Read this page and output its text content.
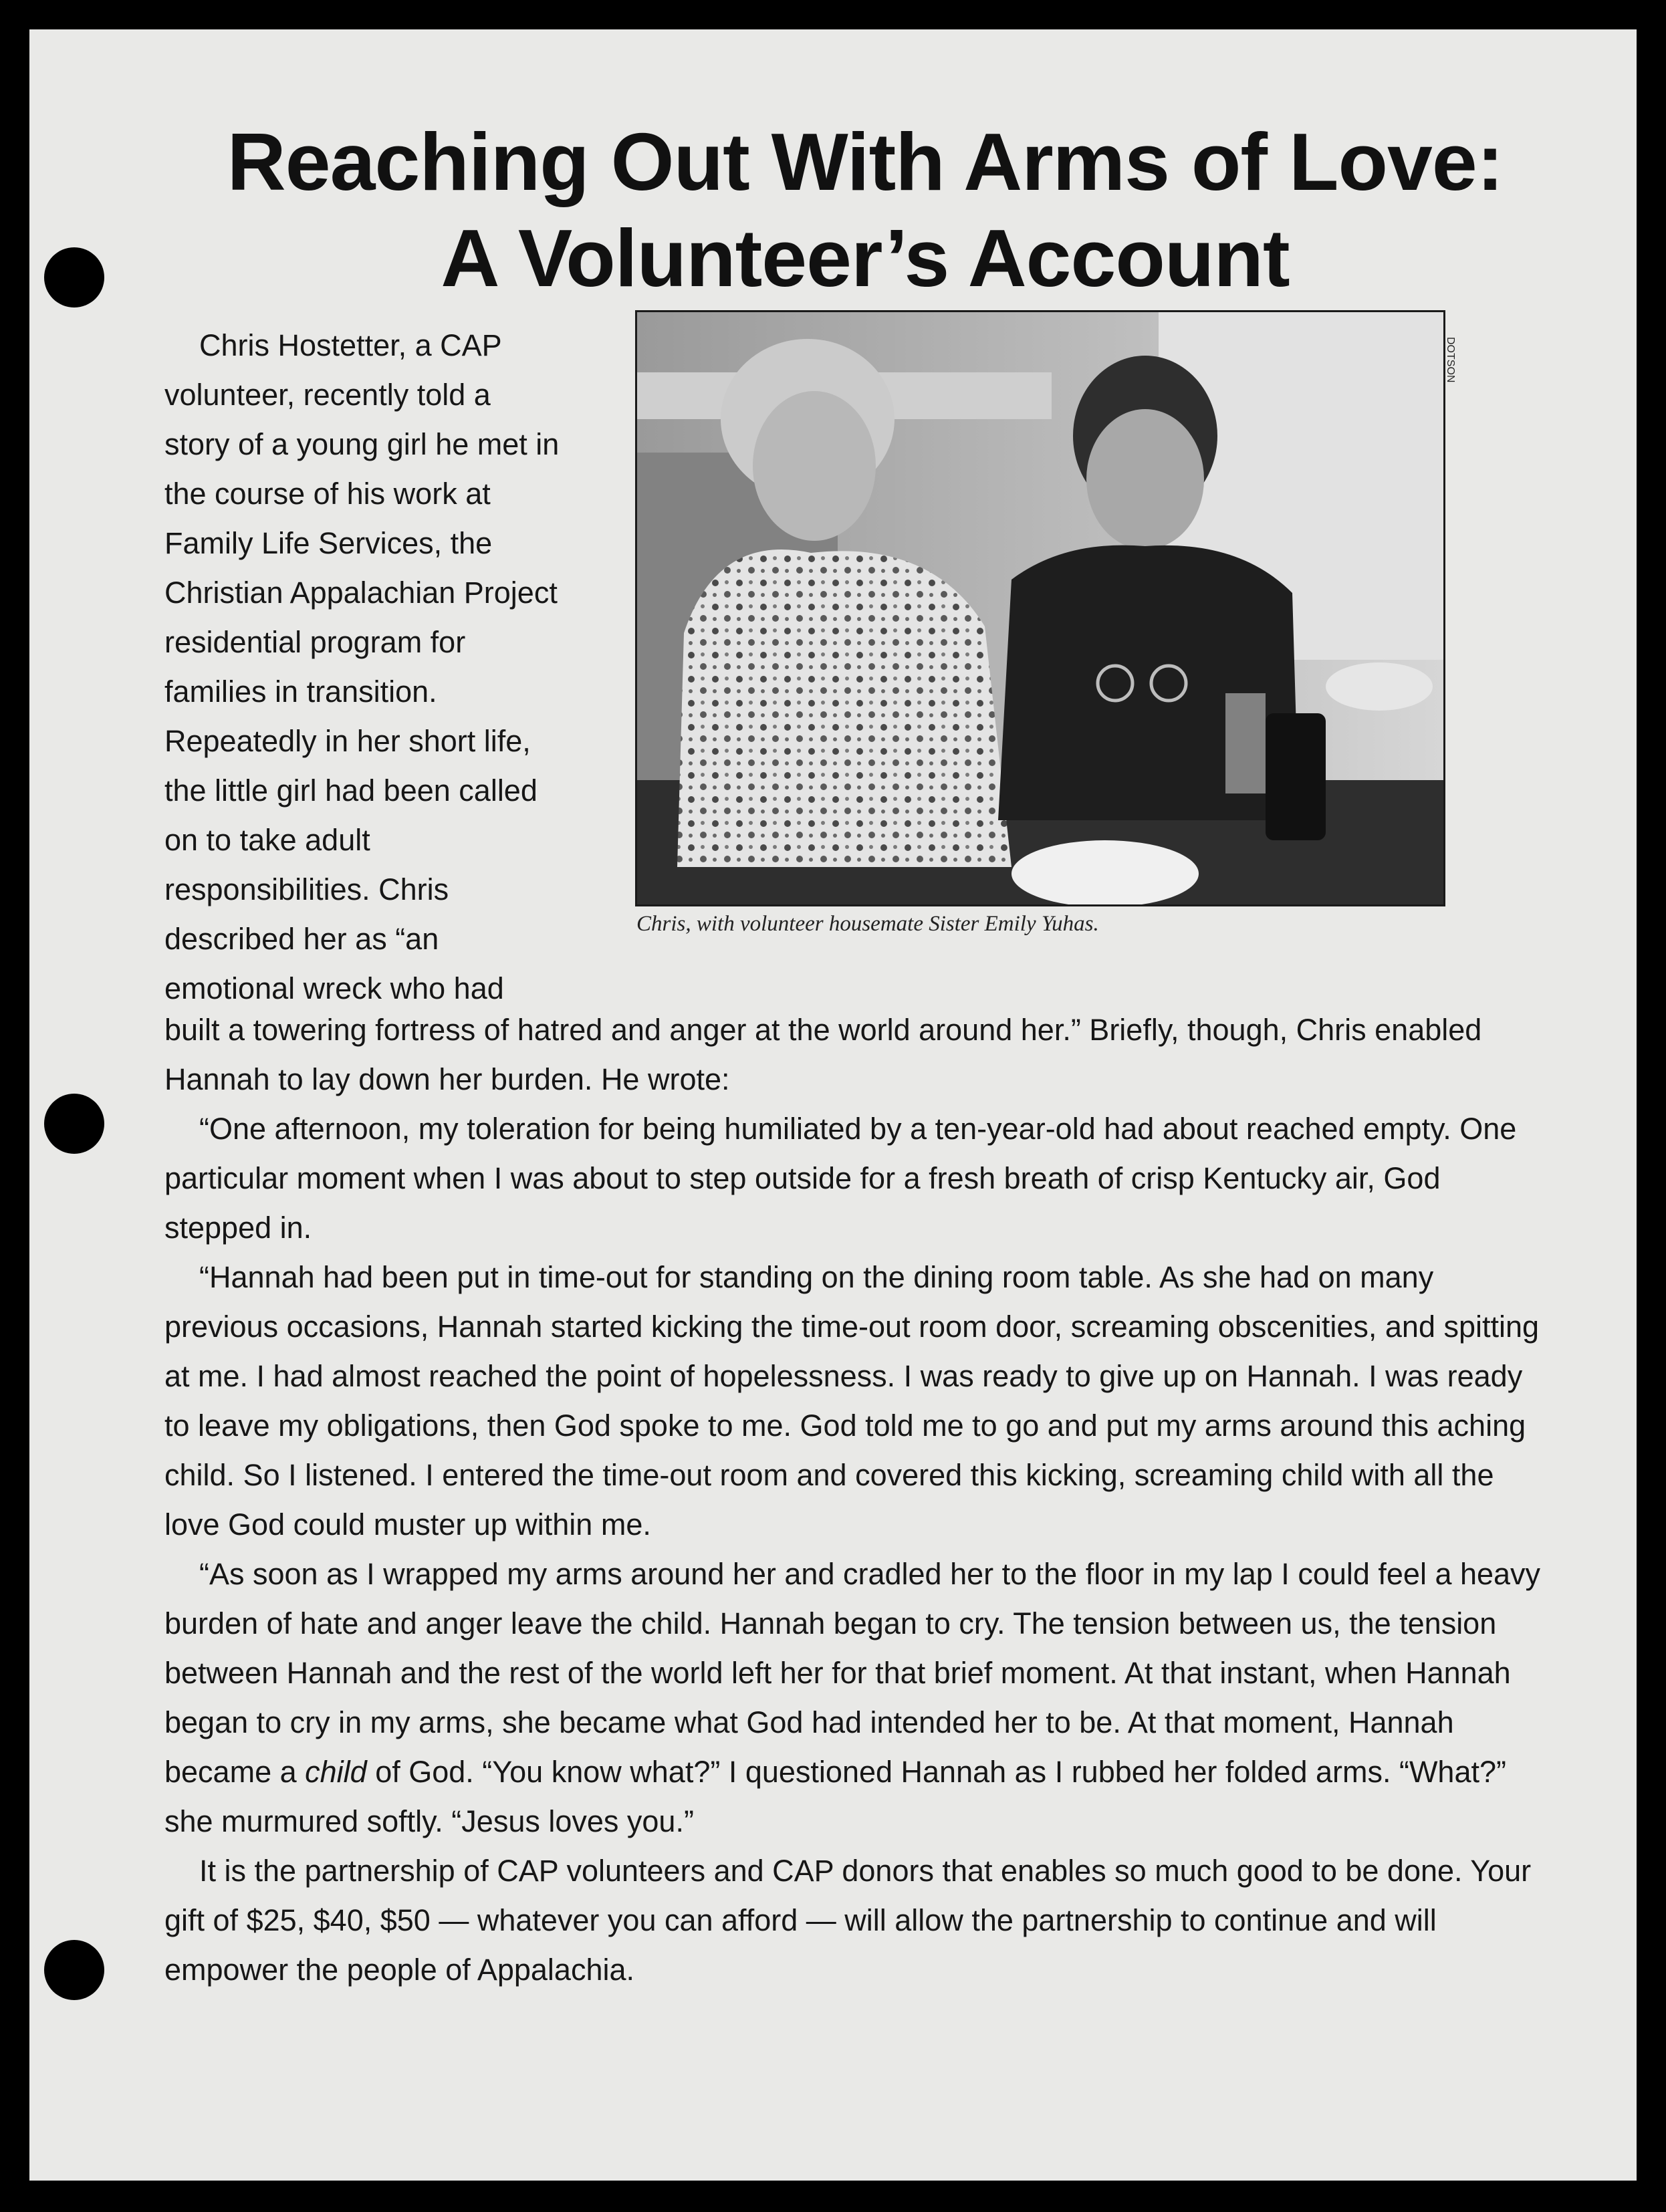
Reaching Out With Arms of Love:
A Volunteer’s Account
Chris Hostetter, a CAP
volunteer, recently told a
story of a young girl he met in
the course of his work at
Family Life Services, the
Christian Appalachian Project
residential program for
families in transition.
Repeatedly in her short life,
the little girl had been called
on to take adult
responsibilities. Chris
described her as “an
emotional wreck who had
DOTSON
Chris, with volunteer housemate Sister Emily Yuhas.

built a towering fortress of hatred and anger at the world around her.” Briefly, though, Chris enabled Hannah to lay down her burden. He wrote:

“One afternoon, my toleration for being humiliated by a ten-year-old had about reached empty. One particular moment when I was about to step outside for a fresh breath of crisp Kentucky air, God stepped in.

“Hannah had been put in time-out for standing on the dining room table. As she had on many previous occasions, Hannah started kicking the time-out room door, screaming obscenities, and spitting at me. I had almost reached the point of hopelessness. I was ready to give up on Hannah. I was ready to leave my obligations, then God spoke to me. God told me to go and put my arms around this aching child. So I listened. I entered the time-out room and covered this kicking, screaming child with all the love God could muster up within me.

“As soon as I wrapped my arms around her and cradled her to the floor in my lap I could feel a heavy burden of hate and anger leave the child. Hannah began to cry. The tension between us, the tension between Hannah and the rest of the world left her for that brief moment. At that instant, when Hannah began to cry in my arms, she became what God had intended her to be. At that moment, Hannah became a child of God. “You know what?” I questioned Hannah as I rubbed her folded arms. “What?” she murmured softly. “Jesus loves you.”

It is the partnership of CAP volunteers and CAP donors that enables so much good to be done. Your gift of $25, $40, $50 — whatever you can afford — will allow the partnership to continue and will empower the people of Appalachia.
